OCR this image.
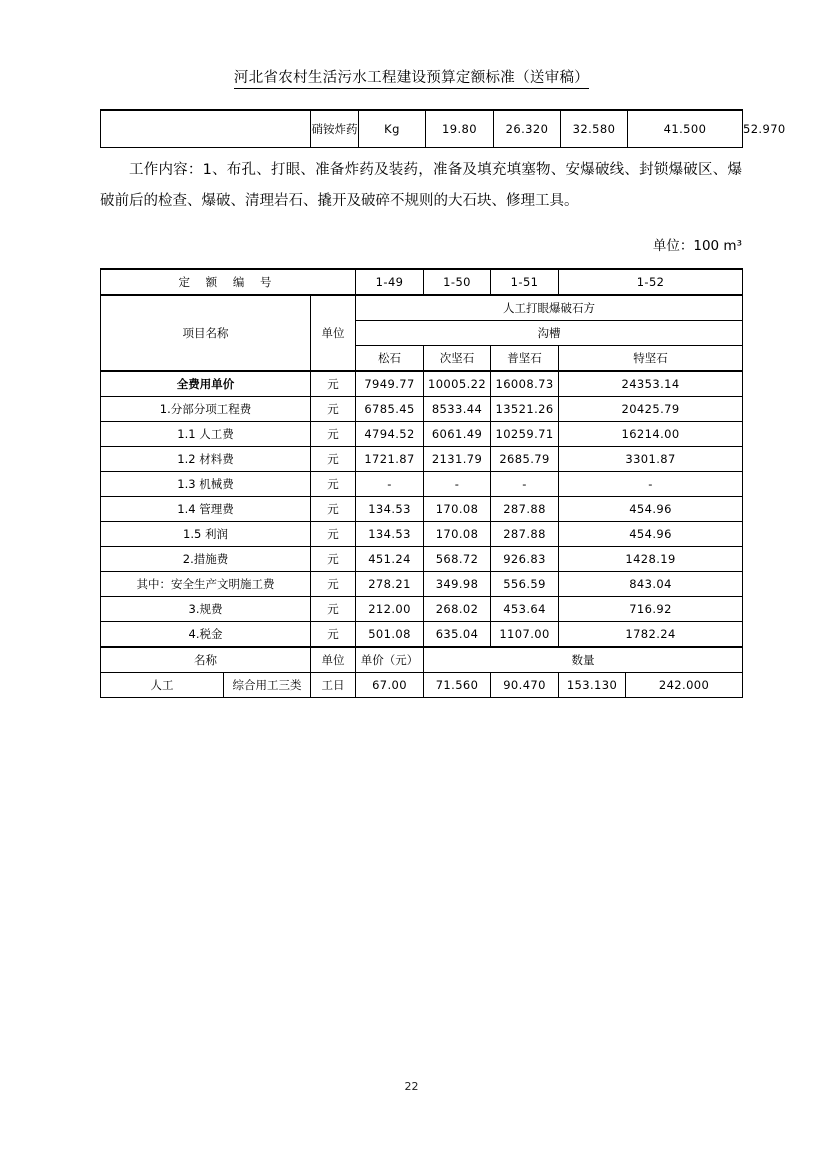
河北省农村生活污水工程建设预算定额标准（送审稿）
	硝铵炸药	Kg	19.80	26.320	32.580	41.500	52.970
工作内容：1、布孔、打眼、准备炸药及装药，准备及填充填塞物、安爆破线、封锁爆破区、爆破前后的检查、爆破、清理岩石、撬开及破碎不规则的大石块、修理工具。
单位：100 m³
定 额 编 号			1-49	1-50	1-51	1-52	
项目名称		单位	人工打眼爆破石方				
			沟槽				
			松石	次坚石	普坚石	特坚石	
全费用单价		元	7949.77	10005.22	16008.73	24353.14	
1.分部分项工程费		元	6785.45	8533.44	13521.26	20425.79	
1.1 人工费		元	4794.52	6061.49	10259.71	16214.00	
1.2 材料费		元	1721.87	2131.79	2685.79	3301.87	
1.3 机械费		元	-	-	-	-	
1.4 管理费		元	134.53	170.08	287.88	454.96	
1.5 利润		元	134.53	170.08	287.88	454.96	
2.措施费		元	451.24	568.72	926.83	1428.19	
其中：安全生产文明施工费		元	278.21	349.98	556.59	843.04	
3.规费		元	212.00	268.02	453.64	716.92	
4.税金		元	501.08	635.04	1107.00	1782.24	
名称		单位	单价（元）	数量			
人工	综合用工三类	工日	67.00	71.560	90.470	153.130	242.000
22
